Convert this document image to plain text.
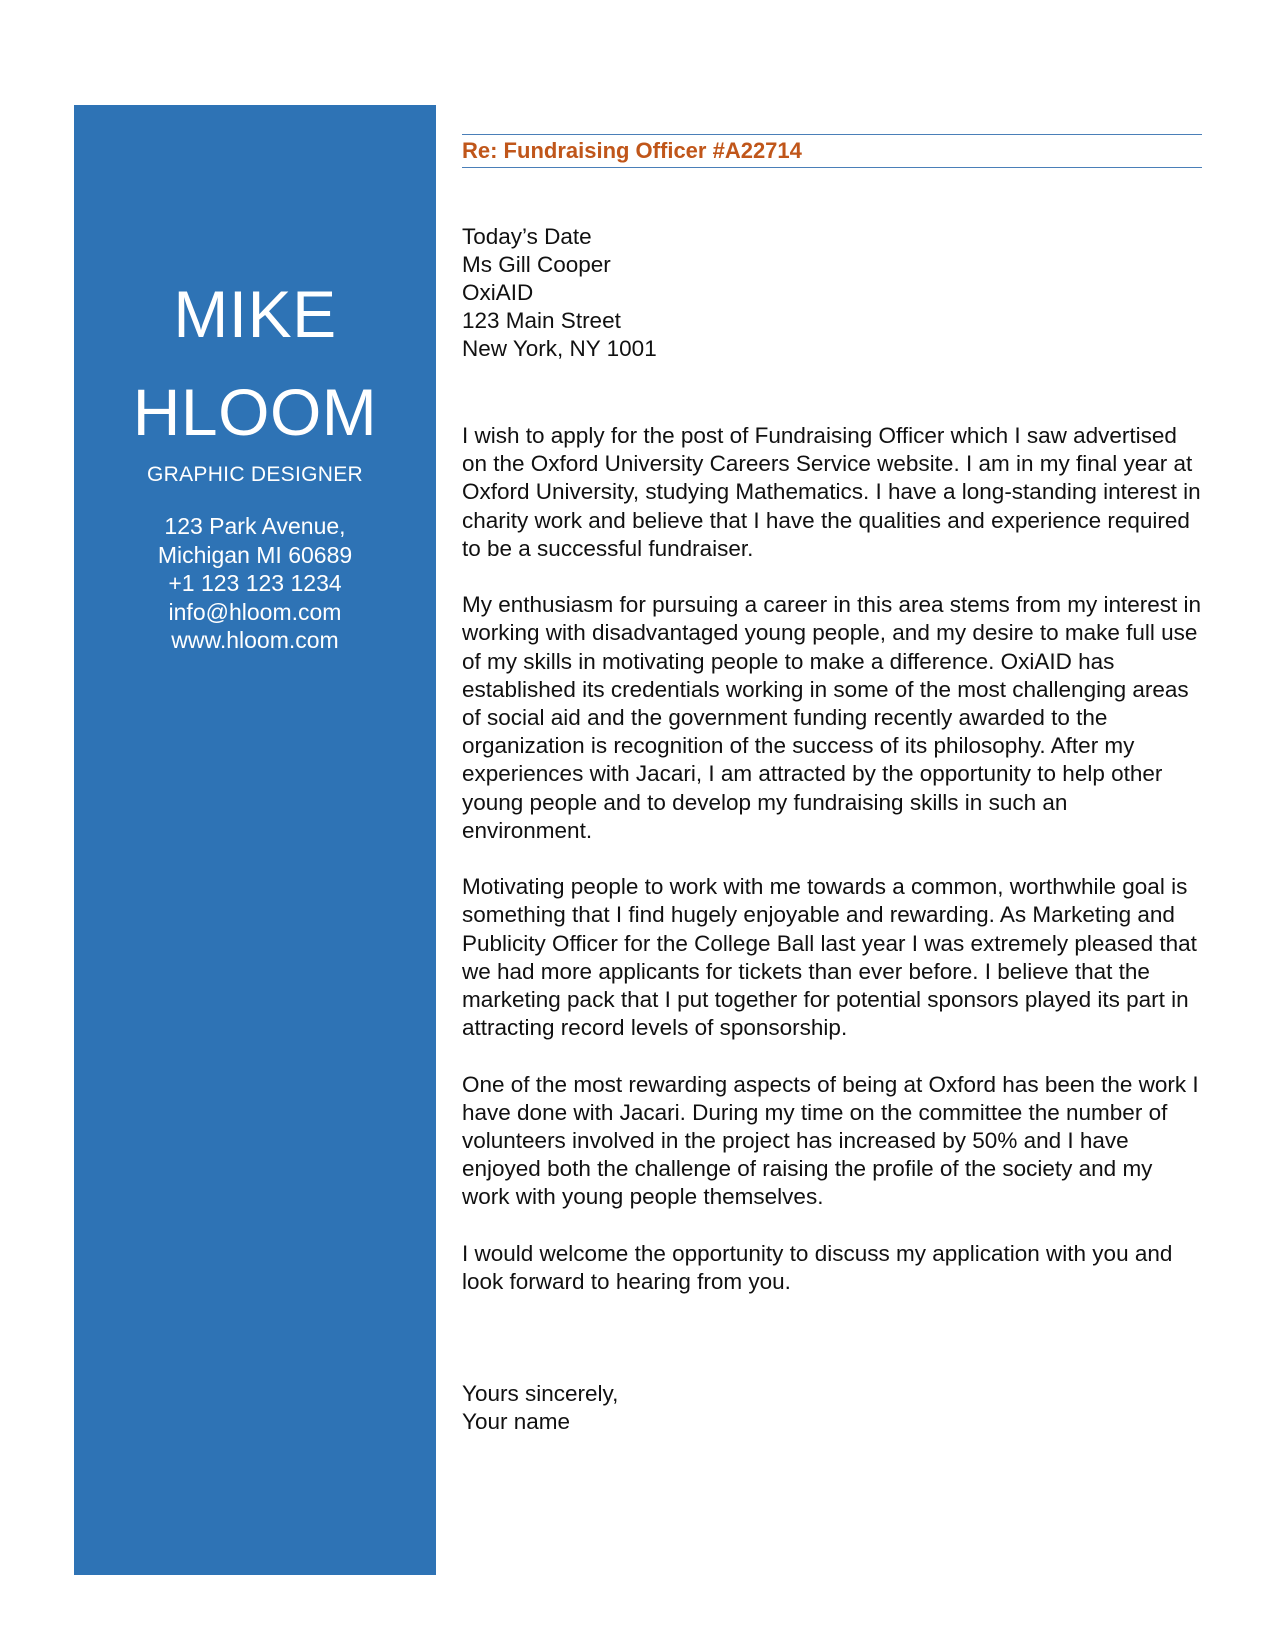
MIKE
HLOOM
GRAPHIC DESIGNER
123 Park Avenue,
Michigan MI 60689
+1 123 123 1234
info@hloom.com
www.hloom.com
Re: Fundraising Officer #A22714
Today’s Date
Ms Gill Cooper
OxiAID
123 Main Street
New York, NY 1001

I wish to apply for the post of Fundraising Officer which I saw advertised on the Oxford University Careers Service website. I am in my final year at Oxford University, studying Mathematics. I have a long-standing interest in charity work and believe that I have the qualities and experience required to be a successful fundraiser.

My enthusiasm for pursuing a career in this area stems from my interest in working with disadvantaged young people, and my desire to make full use of my skills in motivating people to make a difference. OxiAID has established its credentials working in some of the most challenging areas of social aid and the government funding recently awarded to the organization is recognition of the success of its philosophy. After my experiences with Jacari, I am attracted by the opportunity to help other young people and to develop my fundraising skills in such an environment.

Motivating people to work with me towards a common, worthwhile goal is something that I find hugely enjoyable and rewarding. As Marketing and Publicity Officer for the College Ball last year I was extremely pleased that we had more applicants for tickets than ever before. I believe that the marketing pack that I put together for potential sponsors played its part in attracting record levels of sponsorship.

One of the most rewarding aspects of being at Oxford has been the work I have done with Jacari. During my time on the committee the number of volunteers involved in the project has increased by 50% and I have enjoyed both the challenge of raising the profile of the society and my work with young people themselves.

I would welcome the opportunity to discuss my application with you and look forward to hearing from you.

Yours sincerely,
Your name
